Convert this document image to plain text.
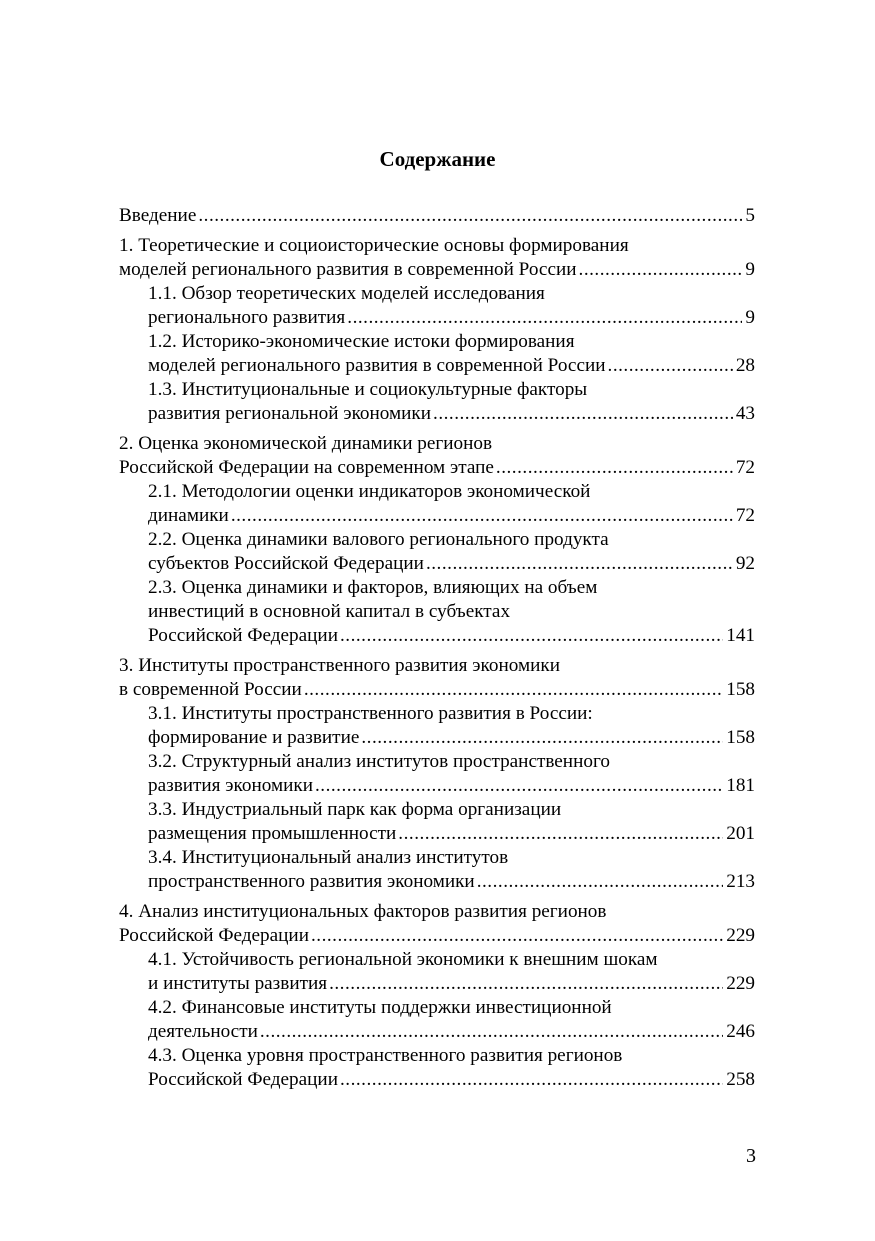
Содержание
Введение .....	5
1. Теоретические и социоисторические основы формирования
моделей регионального развития в современной России .....	9
1.1. Обзор теоретических моделей исследования
регионального развития .....	9
1.2. Историко-экономические истоки формирования
моделей регионального развития в современной России .....	28
1.3. Институциональные и социокультурные факторы
развития региональной экономики .....	43
2. Оценка экономической динамики регионов
Российской Федерации на современном этапе .....	72
2.1. Методологии оценки индикаторов экономической
динамики .....	72
2.2. Оценка динамики валового регионального продукта
субъектов Российской Федерации .....	92
2.3. Оценка динамики и факторов, влияющих на объем
инвестиций в основной капитал в субъектах
Российской Федерации .....	141
3. Институты пространственного развития экономики
в современной России .....	158
3.1. Институты пространственного развития в России:
формирование и развитие .....	158
3.2. Структурный анализ институтов пространственного
развития экономики .....	181
3.3. Индустриальный парк как форма организации
размещения промышленности .....	201
3.4. Институциональный анализ институтов
пространственного развития экономики .....	213
4. Анализ институциональных факторов развития регионов
Российской Федерации .....	229
4.1. Устойчивость региональной экономики к внешним шокам
и институты развития .....	229
4.2. Финансовые институты поддержки инвестиционной
деятельности .....	246
4.3. Оценка уровня пространственного развития регионов
Российской Федерации .....	258
3
